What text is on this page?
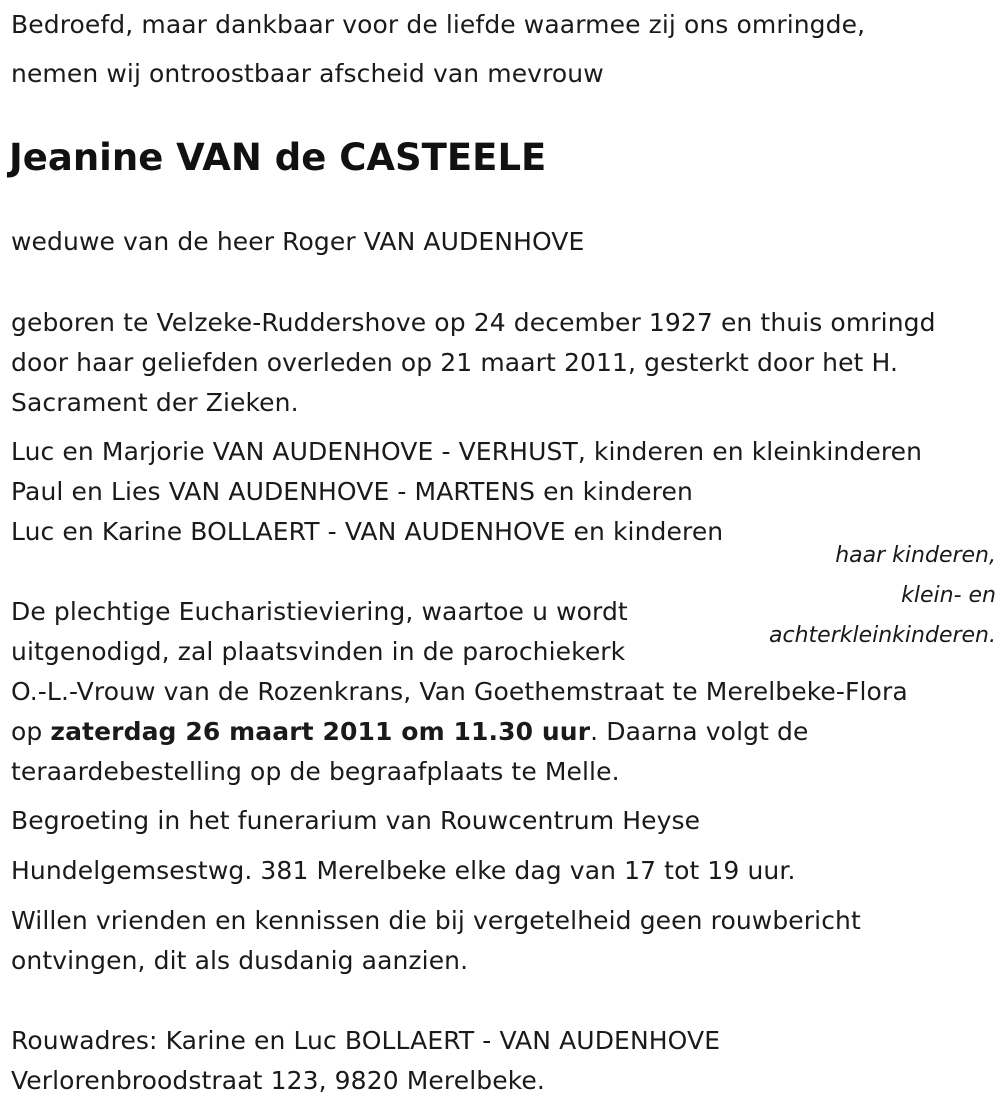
Bedroefd, maar dankbaar voor de liefde waarmee zij ons omringde,
nemen wij ontroostbaar afscheid van mevrouw
Jeanine VAN de CASTEELE
weduwe van de heer Roger VAN AUDENHOVE
geboren te Velzeke-Ruddershove op 24 december 1927 en thuis omringd
door haar geliefden overleden op 21 maart 2011, gesterkt door het H.
Sacrament der Zieken.
Luc en Marjorie VAN AUDENHOVE - VERHUST, kinderen en kleinkinderen
Paul en Lies VAN AUDENHOVE - MARTENS en kinderen
Luc en Karine BOLLAERT - VAN AUDENHOVE en kinderen
haar kinderen,
klein- en
achterkleinkinderen.
De plechtige Eucharistieviering, waartoe u wordt
uitgenodigd, zal plaatsvinden in de parochiekerk
O.-L.-Vrouw van de Rozenkrans, Van Goethemstraat te Merelbeke-Flora
op zaterdag 26 maart 2011 om 11.30 uur. Daarna volgt de
teraardebestelling op de begraafplaats te Melle.
Begroeting in het funerarium van Rouwcentrum Heyse
Hundelgemsestwg. 381 Merelbeke elke dag van 17 tot 19 uur.
Willen vrienden en kennissen die bij vergetelheid geen rouwbericht
ontvingen, dit als dusdanig aanzien.
Rouwadres: Karine en Luc BOLLAERT - VAN AUDENHOVE
Verlorenbroodstraat 123, 9820 Merelbeke.
